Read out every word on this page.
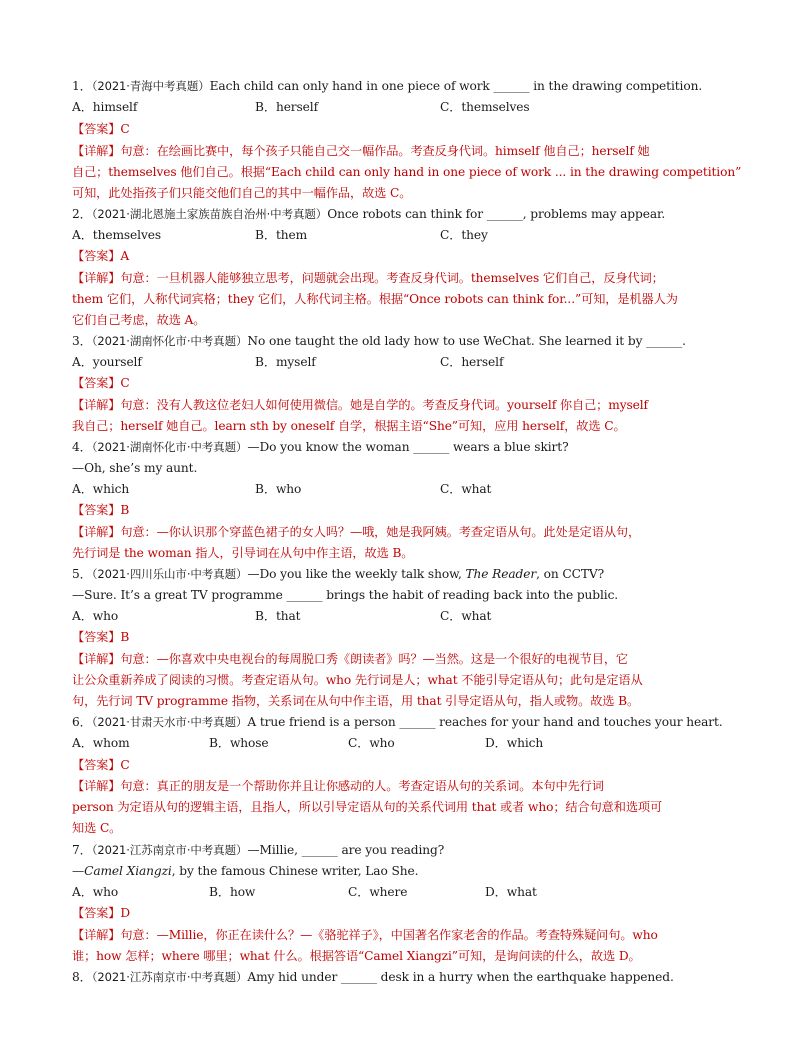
1．（2021·青海中考真题）Each child can only hand in one piece of work ______ in the drawing competition.
A．himself	B．herself	C．themselves
【答案】C
【详解】句意：在绘画比赛中，每个孩子只能自己交一幅作品。考查反身代词。himself 他自己；herself 她
自己；themselves 他们自己。根据“Each child can only hand in one piece of work ... in the drawing competition”
可知，此处指孩子们只能交他们自己的其中一幅作品，故选 C。
2．（2021·湖北恩施土家族苗族自治州·中考真题）Once robots can think for ______, problems may appear.
A．themselves	B．them	C．they
【答案】A
【详解】句意：一旦机器人能够独立思考，问题就会出现。考查反身代词。themselves 它们自己，反身代词；
them 它们，人称代词宾格；they 它们，人称代词主格。根据“Once robots can think for...”可知，是机器人为
它们自己考虑，故选 A。
3．（2021·湖南怀化市·中考真题）No one taught the old lady how to use WeChat. She learned it by ______.
A．yourself	B．myself	C．herself
【答案】C
【详解】句意：没有人教这位老妇人如何使用微信。她是自学的。考查反身代词。yourself 你自己；myself
我自己；herself 她自己。learn sth by oneself 自学，根据主语“She”可知，应用 herself，故选 C。
4．（2021·湖南怀化市·中考真题）—Do you know the woman ______ wears a blue skirt?
—Oh, she’s my aunt.
A．which	B．who	C．what
【答案】B
【详解】句意：—你认识那个穿蓝色裙子的女人吗？—哦，她是我阿姨。考查定语从句。此处是定语从句，
先行词是 the woman 指人，引导词在从句中作主语，故选 B。
5．（2021·四川乐山市·中考真题）—Do you like the weekly talk show, The Reader, on CCTV?
—Sure. It’s a great TV programme ______ brings the habit of reading back into the public.
A．who	B．that	C．what
【答案】B
【详解】句意：—你喜欢中央电视台的每周脱口秀《朗读者》吗？—当然。这是一个很好的电视节目，它
让公众重新养成了阅读的习惯。考查定语从句。who 先行词是人；what 不能引导定语从句；此句是定语从
句，先行词 TV programme 指物，关系词在从句中作主语，用 that 引导定语从句，指人或物。故选 B。
6．（2021·甘肃天水市·中考真题）A true friend is a person ______ reaches for your hand and touches your heart.
A．whom	B．whose	C．who	D．which
【答案】C
【详解】句意：真正的朋友是一个帮助你并且让你感动的人。考查定语从句的关系词。本句中先行词
person 为定语从句的逻辑主语，且指人，所以引导定语从句的关系代词用 that 或者 who；结合句意和选项可
知选 C。
7．（2021·江苏南京市·中考真题）—Millie, ______ are you reading?
—Camel Xiangzi, by the famous Chinese writer, Lao She.
A．who	B．how	C．where	D．what
【答案】D
【详解】句意：—Millie，你正在读什么？—《骆驼祥子》，中国著名作家老舍的作品。考查特殊疑问句。who
谁；how 怎样；where 哪里；what 什么。根据答语“Camel Xiangzi”可知，是询问读的什么，故选 D。
8．（2021·江苏南京市·中考真题）Amy hid under ______ desk in a hurry when the earthquake happened.
